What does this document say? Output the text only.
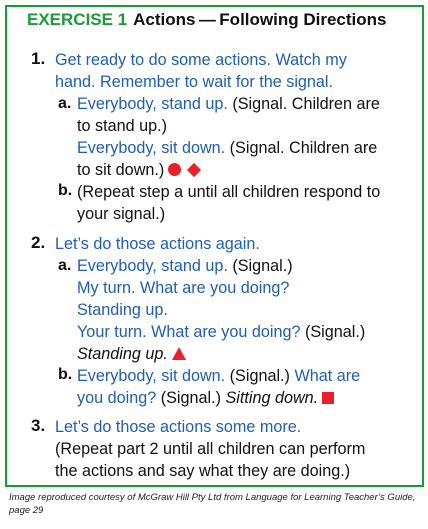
EXERCISE 1 Actions — Following Directions
1. Get ready to do some actions. Watch my
hand. Remember to wait for the signal.
a. Everybody, stand up. (Signal. Children are
to stand up.)
Everybody, sit down. (Signal. Children are
to sit down.)
b. (Repeat step a until all children respond to
your signal.)
2. Let’s do those actions again.
a. Everybody, stand up. (Signal.)
My turn. What are you doing?
Standing up.
Your turn. What are you doing? (Signal.)
Standing up.
b. Everybody, sit down. (Signal.) What are
you doing? (Signal.) Sitting down.
3. Let’s do those actions some more.
(Repeat part 2 until all children can perform
the actions and say what they are doing.)
Image reproduced courtesy of McGraw Hill Pty Ltd from Language for Learning Teacher’s Guide, page 29
